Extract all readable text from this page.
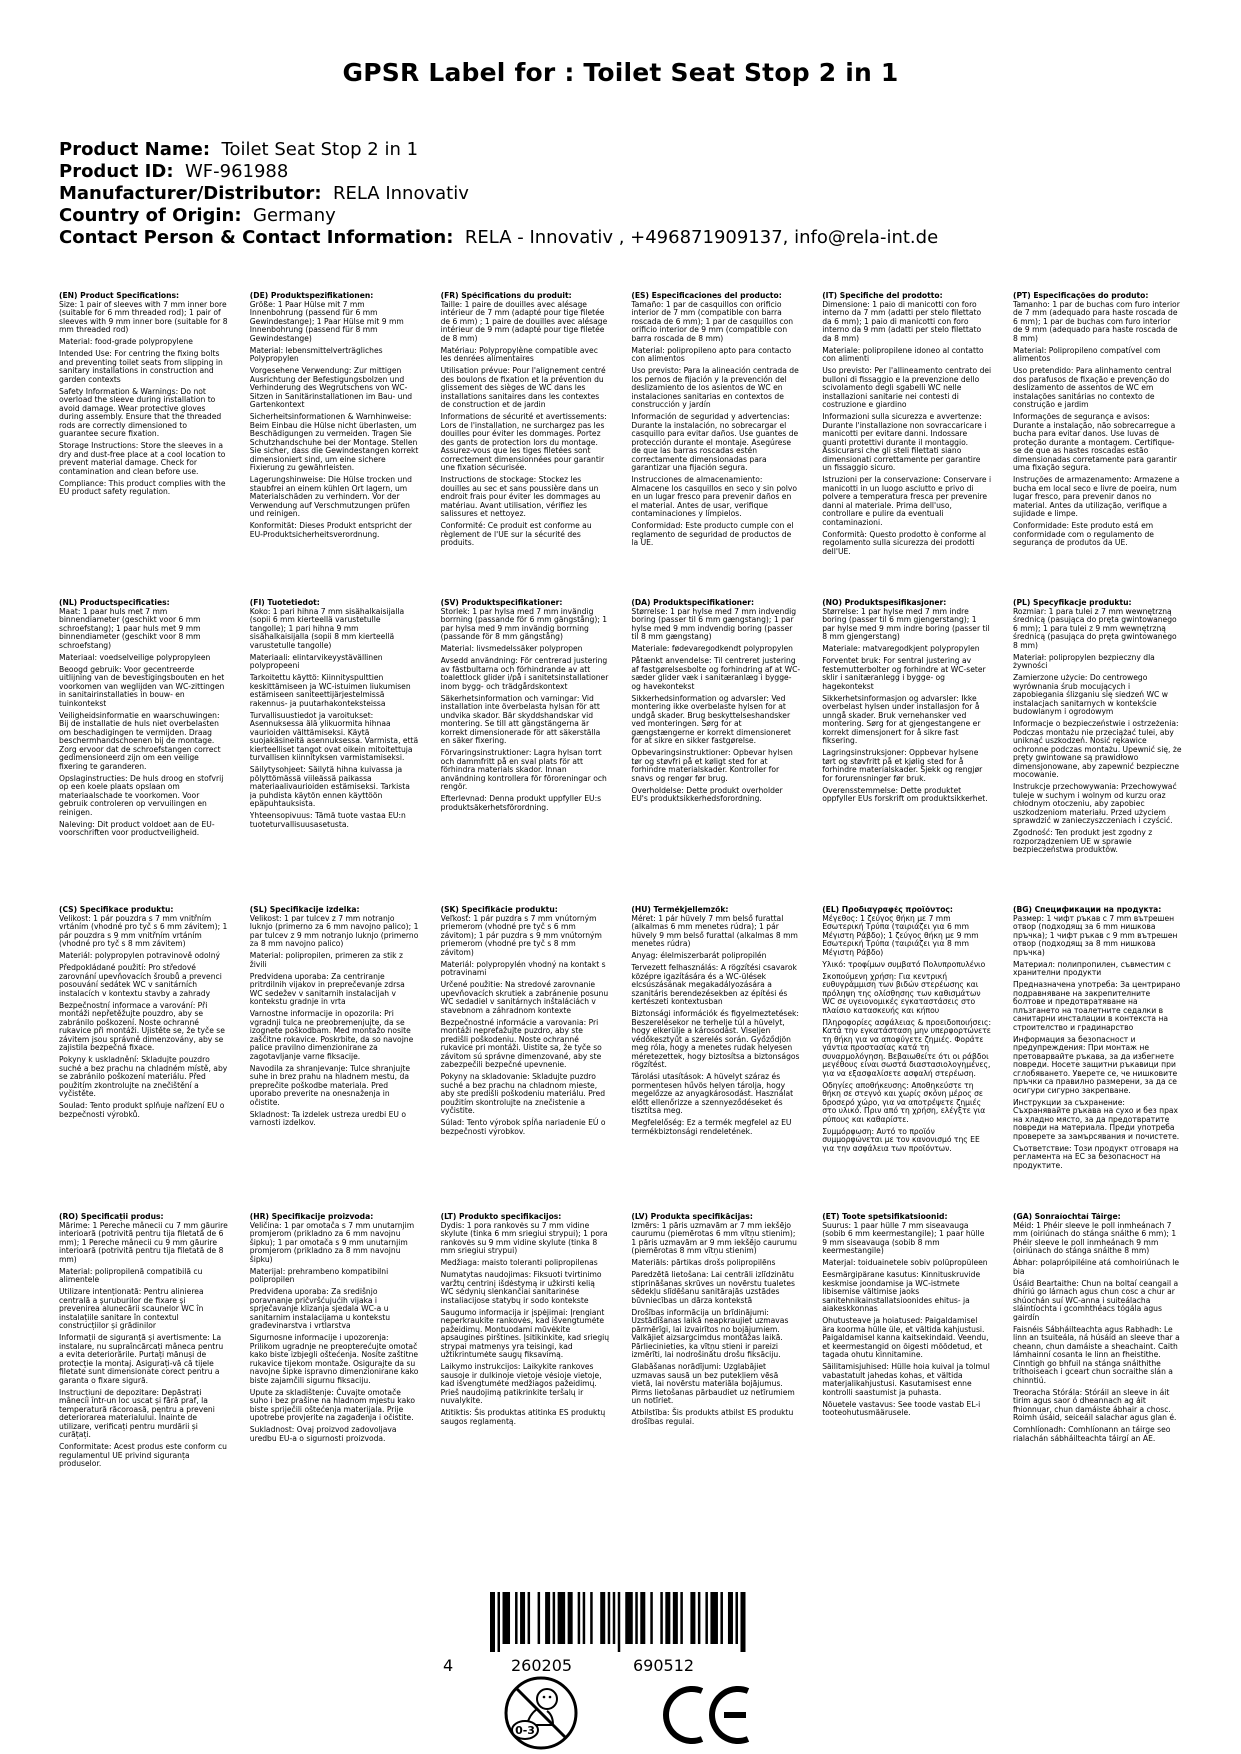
GPSR Label for : Toilet Seat Stop 2 in 1
Product Name: Toilet Seat Stop 2 in 1
Product ID: WF-961988
Manufacturer/Distributor: RELA Innovativ
Country of Origin: Germany
Contact Person & Contact Information: RELA - Innovativ , +496871909137, info@rela-int.de
(EN) Product Specifications:

Size: 1 pair of sleeves with 7 mm inner bore (suitable for 6 mm threaded rod); 1 pair of sleeves with 9 mm inner bore (suitable for 8 mm threaded rod)

Material: food-grade polypropylene

Intended Use: For centring the fixing bolts and preventing toilet seats from slipping in sanitary installations in construction and garden contexts

Safety Information & Warnings: Do not overload the sleeve during installation to avoid damage. Wear protective gloves during assembly. Ensure that the threaded rods are correctly dimensioned to guarantee secure fixation.

Storage Instructions: Store the sleeves in a dry and dust-free place at a cool location to prevent material damage. Check for contamination and clean before use.

Compliance: This product complies with the EU product safety regulation.

(DE) Produktspezifikationen:

Größe: 1 Paar Hülse mit 7 mm Innenbohrung (passend für 6 mm Gewindestange); 1 Paar Hülse mit 9 mm Innenbohrung (passend für 8 mm Gewindestange)

Material: lebensmittelverträgliches Polypropylen

Vorgesehene Verwendung: Zur mittigen Ausrichtung der Befestigungsbolzen und Verhinderung des Wegrutschens von WC-Sitzen in Sanitärinstallationen im Bau- und Gartenkontext

Sicherheitsinformationen & Warnhinweise: Beim Einbau die Hülse nicht überlasten, um Beschädigungen zu vermeiden. Tragen Sie Schutzhandschuhe bei der Montage. Stellen Sie sicher, dass die Gewindestangen korrekt dimensioniert sind, um eine sichere Fixierung zu gewährleisten.

Lagerungshinweise: Die Hülse trocken und staubfrei an einem kühlen Ort lagern, um Materialschäden zu verhindern. Vor der Verwendung auf Verschmutzungen prüfen und reinigen.

Konformität: Dieses Produkt entspricht der EU-Produktsicherheitsverordnung.

(FR) Spécifications du produit:

Taille: 1 paire de douilles avec alésage intérieur de 7 mm (adapté pour tige filetée de 6 mm) ; 1 paire de douilles avec alésage intérieur de 9 mm (adapté pour tige filetée de 8 mm)

Matériau: Polypropylène compatible avec les denrées alimentaires

Utilisation prévue: Pour l'alignement centré des boulons de fixation et la prévention du glissement des sièges de WC dans les installations sanitaires dans les contextes de construction et de jardin

Informations de sécurité et avertissements: Lors de l'installation, ne surchargez pas les douilles pour éviter les dommages. Portez des gants de protection lors du montage. Assurez-vous que les tiges filetées sont correctement dimensionnées pour garantir une fixation sécurisée.

Instructions de stockage: Stockez les douilles au sec et sans poussière dans un endroit frais pour éviter les dommages au matériau. Avant utilisation, vérifiez les salissures et nettoyez.

Conformité: Ce produit est conforme au règlement de l'UE sur la sécurité des produits.

(ES) Especificaciones del producto:

Tamaño: 1 par de casquillos con orificio interior de 7 mm (compatible con barra roscada de 6 mm); 1 par de casquillos con orificio interior de 9 mm (compatible con barra roscada de 8 mm)

Material: polipropileno apto para contacto con alimentos

Uso previsto: Para la alineación centrada de los pernos de fijación y la prevención del deslizamiento de los asientos de WC en instalaciones sanitarias en contextos de construcción y jardín

Información de seguridad y advertencias: Durante la instalación, no sobrecargar el casquillo para evitar daños. Use guantes de protección durante el montaje. Asegúrese de que las barras roscadas estén correctamente dimensionadas para garantizar una fijación segura.

Instrucciones de almacenamiento: Almacene los casquillos en seco y sin polvo en un lugar fresco para prevenir daños en el material. Antes de usar, verifique contaminaciones y límpielos.

Conformidad: Este producto cumple con el reglamento de seguridad de productos de la UE.

(IT) Specifiche del prodotto:

Dimensione: 1 paio di manicotti con foro interno da 7 mm (adatti per stelo filettato da 6 mm); 1 paio di manicotti con foro interno da 9 mm (adatti per stelo filettato da 8 mm)

Materiale: polipropilene idoneo al contatto con alimenti

Uso previsto: Per l'allineamento centrato dei bulloni di fissaggio e la prevenzione dello scivolamento degli sgabelli WC nelle installazioni sanitarie nei contesti di costruzione e giardino

Informazioni sulla sicurezza e avvertenze: Durante l'installazione non sovraccaricare i manicotti per evitare danni. Indossare guanti protettivi durante il montaggio. Assicurarsi che gli steli filettati siano dimensionati correttamente per garantire un fissaggio sicuro.

Istruzioni per la conservazione: Conservare i manicotti in un luogo asciutto e privo di polvere a temperatura fresca per prevenire danni al materiale. Prima dell'uso, controllare e pulire da eventuali contaminazioni.

Conformità: Questo prodotto è conforme al regolamento sulla sicurezza dei prodotti dell'UE.

(PT) Especificações do produto:

Tamanho: 1 par de buchas com furo interior de 7 mm (adequado para haste roscada de 6 mm); 1 par de buchas com furo interior de 9 mm (adequado para haste roscada de 8 mm)

Material: Polipropileno compatível com alimentos

Uso pretendido: Para alinhamento central dos parafusos de fixação e prevenção do deslizamento de assentos de WC em instalações sanitárias no contexto de construção e jardim

Informações de segurança e avisos: Durante a instalação, não sobrecarregue a bucha para evitar danos. Use luvas de proteção durante a montagem. Certifique-se de que as hastes roscadas estão dimensionadas corretamente para garantir uma fixação segura.

Instruções de armazenamento: Armazene a bucha em local seco e livre de poeira, num lugar fresco, para prevenir danos no material. Antes da utilização, verifique a sujidade e limpe.

Conformidade: Este produto está em conformidade com o regulamento de segurança de produtos da UE.

(NL) Productspecificaties:

Maat: 1 paar huls met 7 mm binnendiameter (geschikt voor 6 mm schroefstang); 1 paar huls met 9 mm binnendiameter (geschikt voor 8 mm schroefstang)

Materiaal: voedselveilige polypropyleen

Beoogd gebruik: Voor gecentreerde uitlijning van de bevestigingsbouten en het voorkomen van weglijden van WC-zittingen in sanitairinstallaties in bouw- en tuinkontekst

Veiligheidsinformatie en waarschuwingen: Bij de installatie de huls niet overbelasten om beschadigingen te vermijden. Draag beschermhandschoenen bij de montage. Zorg ervoor dat de schroefstangen correct gedimensioneerd zijn om een veilige fixering te garanderen.

Opslaginstructies: De huls droog en stofvrij op een koele plaats opslaan om materiaalschade te voorkomen. Voor gebruik controleren op vervuilingen en reinigen.

Naleving: Dit product voldoet aan de EU-voorschriften voor productveiligheid.

(FI) Tuotetiedot:

Koko: 1 pari hihna 7 mm sisähalkaisijalla (sopii 6 mm kierteellä varustetulle tangolle); 1 pari hihna 9 mm sisähalkaisijalla (sopii 8 mm kierteellä varustetulle tangolle)

Materiaali: elintarvikeyystävällinen polypropeeni

Tarkoitettu käyttö: Kiinnityspulttien keskittämiseen ja WC-istuimen liukumisen estämiseen saniteettijärjestelmissä rakennus- ja puutarhakonteksteissa

Turvallisuustiedot ja varoitukset: Asennuksessa älä ylikuormita hihnaa vaurioiden välttämiseksi. Käytä suojakäsineitä asennuksessa. Varmista, että kierteelliset tangot ovat oikein mitoitettuja turvallisen kiinnityksen varmistamiseksi.

Säilytysohjeet: Säilytä hihna kuivassa ja pölyttömässä viileässä paikassa materiaalivaurioiden estämiseksi. Tarkista ja puhdista käytön ennen käyttöön epäpuhtauksista.

Yhteensopivuus: Tämä tuote vastaa EU:n tuoteturvallisuusasetusta.

(SV) Produktspecifikationer:

Storlek: 1 par hylsa med 7 mm invändig borrning (passande för 6 mm gängstång); 1 par hylsa med 9 mm invändig borrning (passande för 8 mm gängstång)

Material: livsmedelssäker polypropen

Avsedd användning: För centrerad justering av fästbultarna och förhindrande av att toalettlock glider i/på i sanitetsinstallationer inom bygg- och trädgårdskontext

Säkerhetsinformation och varningar: Vid installation inte överbelasta hylsan för att undvika skador. Bär skyddshandskar vid montering. Se till att gängstängerna är korrekt dimensionerade för att säkerställa en säker fixering.

Förvaringsinstruktioner: Lagra hylsan torrt och dammfritt på en sval plats för att förhindra materials skador. Innan användning kontrollera för föroreningar och rengör.

Efterlevnad: Denna produkt uppfyller EU:s produktsäkerhetsförordning.

(DA) Produktspecifikationer:

Størrelse: 1 par hylse med 7 mm indvendig boring (passer til 6 mm gængstang); 1 par hylse med 9 mm indvendig boring (passer til 8 mm gængstang)

Materiale: fødevaregodkendt polypropylen

Påtænkt anvendelse: Til centreret justering af fastgørelsesbolte og forhindring af at WC-sæder glider væk i sanitæranlæg i bygge- og havekontekst

Sikkerhedsinformation og advarsler: Ved montering ikke overbelaste hylsen for at undgå skader. Brug beskyttelseshandsker ved monteringen. Sørg for at gængstængerne er korrekt dimensioneret for at sikre en sikker fastgørelse.

Opbevaringsinstruktioner: Opbevar hylsen tør og støvfri på et køligt sted for at forhindre materialskader. Kontroller for snavs og rengør før brug.

Overholdelse: Dette produkt overholder EU's produktsikkerhedsforordning.

(NO) Produktspesifikasjoner:

Størrelse: 1 par hylse med 7 mm indre boring (passer til 6 mm gjengerstang); 1 par hylse med 9 mm indre boring (passer til 8 mm gjengerstang)

Materiale: matvaregodkjent polypropylen

Forventet bruk: For sentral justering av festemutterbolter og forhindre at WC-seter sklir i sanitæranlegg i bygge- og hagekontekst

Sikkerhetsinformasjon og advarsler: Ikke overbelast hylsen under installasjon for å unngå skader. Bruk vernehansker ved montering. Sørg for at gjengestangene er korrekt dimensjonert for å sikre fast fiksering.

Lagringsinstruksjoner: Oppbevar hylsene tørt og støvfritt på et kjølig sted for å forhindre materialskader. Sjekk og rengjør for forurensninger før bruk.

Overensstemmelse: Dette produktet oppfyller EUs forskrift om produktsikkerhet.

(PL) Specyfikacje produktu:

Rozmiar: 1 para tulei z 7 mm wewnętrzną średnicą (pasująca do pręta gwintowanego 6 mm); 1 para tulei z 9 mm wewnętrzną średnicą (pasująca do pręta gwintowanego 8 mm)

Materiał: polipropylen bezpieczny dla żywności

Zamierzone użycie: Do centrowego wyrównania śrub mocujących i zapobiegania ślizganiu się siedzeń WC w instalacjach sanitarnych w kontekście budowlanym i ogrodowym

Informacje o bezpieczeństwie i ostrzeżenia: Podczas montażu nie przeciążać tulei, aby uniknąć uszkodzeń. Nosić rękawice ochronne podczas montażu. Upewnić się, że pręty gwintowane są prawidłowo dimensjonowane, aby zapewnić bezpieczne mocowanie.

Instrukcje przechowywania: Przechowywać tuleje w suchym i wolnym od kurzu oraz chłodnym otoczeniu, aby zapobiec uszkodzeniom materiału. Przed użyciem sprawdzić w zanieczyszczeniach i czyścić.

Zgodność: Ten produkt jest zgodny z rozporządzeniem UE w sprawie bezpieczeństwa produktów.

(CS) Specifikace produktu:

Velikost: 1 pár pouzdra s 7 mm vnitřním vrtáním (vhodné pro tyč s 6 mm závitem); 1 pár pouzdra s 9 mm vnitřním vrtáním (vhodné pro tyč s 8 mm závitem)

Materiál: polypropylen potravinově odolný

Předpokládané použití: Pro středové zarovnání upevňovacích šroubů a prevenci posouvání sedátek WC v sanitárních instalacích v kontextu stavby a zahrady

Bezpečnostní informace a varování: Při montáži nepřetěžujte pouzdro, aby se zabránilo poškození. Noste ochranné rukavice při montáži. Ujistěte se, že tyče se závitem jsou správně dimenzovány, aby se zajistila bezpečná fixace.

Pokyny k uskladnění: Skladujte pouzdro suché a bez prachu na chladném místě, aby se zabránilo poškození materiálu. Před použitím zkontrolujte na znečištění a vyčistěte.

Soulad: Tento produkt splňuje nařízení EU o bezpečnosti výrobků.

(SL) Specifikacije izdelka:

Velikost: 1 par tulcev z 7 mm notranjo luknjo (primerno za 6 mm navojno palico); 1 par tulcev z 9 mm notranjo luknjo (primerno za 8 mm navojno palico)

Material: polipropilen, primeren za stik z živili

Predvidena uporaba: Za centriranje pritrdilnih vijakov in preprečevanje zdrsa WC sedežev v sanitarnih instalacijah v kontekstu gradnje in vrta

Varnostne informacije in opozorila: Pri vgradnji tulca ne preobremenjujte, da se izognete poškodbam. Med montažo nosite zaščitne rokavice. Poskrbite, da so navojne palice pravilno dimenzionirane za zagotavljanje varne fiksacije.

Navodila za shranjevanje: Tulce shranjujte suhe in brez prahu na hladnem mestu, da preprečite poškodbe materiala. Pred uporabo preverite na onesnaženja in očistite.

Skladnost: Ta izdelek ustreza uredbi EU o varnosti izdelkov.

(SK) Špecifikácie produktu:

Veľkosť: 1 pár puzdra s 7 mm vnútorným priemerom (vhodné pre tyč s 6 mm závitom); 1 pár puzdra s 9 mm vnútorným priemerom (vhodné pre tyč s 8 mm závitom)

Materiál: polypropylén vhodný na kontakt s potravinami

Určené použitie: Na stredové zarovnanie upevňovacích skrutiek a zabránenie posunu WC sedadiel v sanitárnych inštaláciách v stavebnom a záhradnom kontexte

Bezpečnostné informácie a varovania: Pri montáži nepreťažujte puzdro, aby ste predišli poškodeniu. Noste ochranné rukavice pri montáži. Uistite sa, že tyče so závitom sú správne dimenzované, aby ste zabezpečili bezpečné upevnenie.

Pokyny na skladovanie: Skladujte puzdro suché a bez prachu na chladnom mieste, aby ste predišli poškodeniu materiálu. Pred použitím skontrolujte na znečistenie a vyčistite.

Súlad: Tento výrobok spĺňa nariadenie EÚ o bezpečnosti výrobkov.

(HU) Termékjellemzők:

Méret: 1 pár hüvely 7 mm belső furattal (alkalmas 6 mm menetes rúdra); 1 pár hüvely 9 mm belső furattal (alkalmas 8 mm menetes rúdra)

Anyag: élelmiszerbarát polipropilén

Tervezett felhasználás: A rögzítési csavarok középre igazítására és a WC-ülések elcsúszásának megakadályozására a szanitáris berendezésekben az építési és kertészeti kontextusban

Biztonsági információk és figyelmeztetések: Beszerelésekor ne terhelje túl a hüvelyt, hogy elkerülje a károsodást. Viseljen védőkesztyűt a szerelés során. Győződjön meg róla, hogy a menetes rudak helyesen méretezettek, hogy biztosítsa a biztonságos rögzítést.

Tárolási utasítások: A hüvelyt száraz és pormentesen hűvös helyen tárolja, hogy megelőzze az anyagkárosodást. Használat előtt ellenőrizze a szennyeződéseket és tisztítsa meg.

Megfelelőség: Ez a termék megfelel az EU termékbiztonsági rendeletének.

(EL) Προδιαγραφές προϊόντος:

Μέγεθος: 1 ζεύγος θήκη με 7 mm Εσωτερική Τρύπα (ταιριάζει για 6 mm Μέγιστη Ράβδο); 1 ζεύγος θήκη με 9 mm Εσωτερική Τρύπα (ταιριάζει για 8 mm Μέγιστη Ράβδο)

Υλικό: τροφίμων συμβατό Πολυπροπυλένιο

Σκοπούμενη χρήση: Για κεντρική ευθυγράμμιση των βιδών στερέωσης και πρόληψη της ολίσθησης των καθισμάτων WC σε υγειονομικές εγκαταστάσεις στο πλαίσιο κατασκευής και κήπου

Πληροφορίες ασφάλειας & προειδοποιήσεις: Κατά την εγκατάσταση μην υπερφορτώνετε τη θήκη για να αποφύγετε ζημιές. Φοράτε γάντια προστασίας κατά τη συναρμολόγηση. Βεβαιωθείτε ότι οι ράβδοι μεγέθους είναι σωστά διαστασιολογημένες, για να εξασφαλίσετε ασφαλή στερέωση.

Οδηγίες αποθήκευσης: Αποθηκεύστε τη θήκη σε στεγνό και χωρίς σκόνη μέρος σε δροσερό χώρο, για να αποτρέψετε ζημιές στο υλικό. Πριν από τη χρήση, ελέγξτε για ρύπους και καθαρίστε.

Συμμόρφωση: Αυτό το προϊόν συμμορφώνεται με τον κανονισμό της ΕΕ για την ασφάλεια των προϊόντων.

(BG) Спецификации на продукта:

Размер: 1 чифт ръкав с 7 mm вътрешен отвор (подходящ за 6 mm нишкова пръчка); 1 чифт ръкав с 9 mm вътрешен отвор (подходящ за 8 mm нишкова пръчка)

Материал: полипропилен, съвместим с хранителни продукти

Предназначена употреба: За центрирано подравняване на закрепителните болтове и предотвратяване на плъзгането на тоалетните седалки в санитарни инсталации в контекста на строителство и градинарство

Информация за безопасност и предупреждения: При монтаж не претоварвайте ръкава, за да избегнете повреди. Носете защитни ръкавици при сглобяването. Уверете се, че нишковите пръчки са правилно размерени, за да се осигури сигурно закрепване.

Инструкции за съхранение: Съхранявайте ръкава на сухо и без прах на хладно място, за да предотвратите повреди на материала. Преди употреба проверете за замърсявания и почистете.

Съответствие: Този продукт отговаря на регламента на ЕС за безопасност на продуктите.

(RO) Specificații produs:

Mărime: 1 Pereche mânecii cu 7 mm găurire interioară (potrivită pentru tija filetată de 6 mm); 1 Pereche mânecii cu 9 mm găurire interioară (potrivită pentru tija filetată de 8 mm)

Material: polipropilenă compatibilă cu alimentele

Utilizare intenționată: Pentru alinierea centrală a șuruburilor de fixare și prevenirea alunecării scaunelor WC în instalațiile sanitare în contextul construcțiilor și grădinilor

Informații de siguranță și avertismente: La instalare, nu supraîncărcați mâneca pentru a evita deteriorările. Purtați mănuși de protecție la montaj. Asigurați-vă că tijele filetate sunt dimensionate corect pentru a garanta o fixare sigură.

Instrucțiuni de depozitare: Depăstrați mânecii într-un loc uscat și fără praf, la temperatură răcoroasă, pentru a preveni deteriorarea materialului. Înainte de utilizare, verificați pentru murdării și curățați.

Conformitate: Acest produs este conform cu regulamentul UE privind siguranța produselor.

(HR) Specifikacije proizvoda:

Veličina: 1 par omotača s 7 mm unutarnjim promjerom (prikladno za 6 mm navojnu šipku); 1 par omotača s 9 mm unutarnjim promjerom (prikladno za 8 mm navojnu šipku)

Materijal: prehrambeno kompatibilni polipropilen

Predviđena uporaba: Za središnjo poravnanje pričvršćujućih vijaka i sprječavanje klizanja sjedala WC-a u sanitarnim instalacijama u kontekstu građevinarstva i vrtlarstva

Sigurnosne informacije i upozorenja: Prilikom ugradnje ne preopterećujte omotač kako biste izbjegli oštećenja. Nosite zaštitne rukavice tijekom montaže. Osigurajte da su navojne šipke ispravno dimenzionirane kako biste zajamčili sigurnu fiksaciju.

Upute za skladištenje: Čuvajte omotače suho i bez prašine na hladnom mjestu kako biste spriječili oštećenja materijala. Prije upotrebe provjerite na zagađenja i očistite.

Sukladnost: Ovaj proizvod zadovoljava uredbu EU-a o sigurnosti proizvoda.

(LT) Produkto specifikacijos:

Dydis: 1 pora rankovės su 7 mm vidine skylute (tinka 6 mm sriegiui strypui); 1 pora rankovės su 9 mm vidine skylute (tinka 8 mm sriegiui strypui)

Medžiaga: maisto toleranti polipropilenas

Numatytas naudojimas: Fiksuoti tvirtinimo varžtų centrinį išdėstymą ir užkirsti kelią WC sėdynių slenkančiai sanitarinėse instaliacijose statybų ir sodo kontekste

Saugumo informacija ir įspėjimai: Įrengiant neperkraukite rankovės, kad išvengtumėte pažeidimų. Montuodami mūvėkite apsaugines pirštines. Įsitikinkite, kad sriegių strypai matmenys yra teisingi, kad užtikrintumėte saugų fiksavimą.

Laikymo instrukcijos: Laikykite rankoves sausoje ir dulkinoje vietoje vėsioje vietoje, kad išvengtumėte medžiagos pažeidimų. Prieš naudojimą patikrinkite teršalų ir nuvalykite.

Atitiktis: Šis produktas atitinka ES produktų saugos reglamentą.

(LV) Produkta specifikācijas:

Izmērs: 1 pāris uzmavām ar 7 mm iekšējo caurumu (piemērotas 6 mm vītņu stienim); 1 pāris uzmavām ar 9 mm iekšējo caurumu (piemērotas 8 mm vītņu stienim)

Materiāls: pārtikas drošs polipropilēns

Paredzētā lietošana: Lai centrāli izlīdzinātu stiprināšanas skrūves un novērstu tualetes sēdekļu slīdēšanu sanitārajās uzstādes būvniecības un dārza kontekstā

Drošības informācija un brīdinājumi: Uzstādīšanas laikā neapkraujiet uzmavas pārmērīgi, lai izvairītos no bojājumiem. Valkājiet aizsargcimdus montāžas laikā. Pārliecinieties, ka vītņu stieni ir pareizi izmērīti, lai nodrošinātu drošu fiksāciju.

Glabāšanas norādījumi: Uzglabājiet uzmavas sausā un bez putekļiem vēsā vietā, lai novērstu materiāla bojājumus. Pirms lietošanas pārbaudiet uz netīrumiem un notīriet.

Atbilstība: Šis produkts atbilst ES produktu drošības regulai.

(ET) Toote spetsifikatsioonid:

Suurus: 1 paar hülle 7 mm siseavauga (sobib 6 mm keermestangile); 1 paar hülle 9 mm siseavauga (sobib 8 mm keermestangile)

Materjal: toiduainetele sobiv polüpropüleen

Eesmärgipärane kasutus: Kinnituskruvide keskmise joondamise ja WC-istmete libisemise vältimise jaoks sanitehnikainstallatsioonides ehitus- ja aiakeskkonnas

Ohutusteave ja hoiatused: Paigaldamisel ära koorma hülle üle, et vältida kahjustusi. Paigaldamisel kanna kaitsekindaid. Veendu, et keermestangid on õigesti mõõdetud, et tagada ohutu kinnitamine.

Säilitamisjuhised: Hülle hoia kuival ja tolmul vabastatult jahedas kohas, et vältida materjalikahjustusi. Kasutamisest enne kontrolli saastumist ja puhasta.

Nõuetele vastavus: See toode vastab EL-i tooteohutusmäärusele.

(GA) Sonraíochtaí Táirge:

Méid: 1 Phéir sleeve le poll inmheánach 7 mm (oiriúnach do stánga snáithe 6 mm); 1 Phéir sleeve le poll inmheánach 9 mm (oiriúnach do stánga snáithe 8 mm)

Ábhar: polapróipiléine atá comhoiriúnach le bia

Úsáid Beartaithe: Chun na boltaí ceangail a dhíriú go lárnach agus chun cosc a chur ar shúochán suí WC-anna i suiteálacha sláintíochta i gcomhthéacs tógála agus gairdín

Faisnéis Sábháilteachta agus Rabhadh: Le linn an tsuiteála, ná húsáid an sleeve thar a cheann, chun damáiste a sheachaint. Caith lámhainní cosanta le linn an fheistithe. Cinntigh go bhfuil na stánga snáithithe tríthoiseach i gceart chun socraithe slán a chinntiú.

Treoracha Stórála: Stóráil an sleeve in áit tirim agus saor ó dheannach ag áit fhionnuar, chun damáiste ábhair a chosc. Roimh úsáid, seiceáil salachar agus glan é.

Comhlíonadh: Comhlíonann an táirge seo rialachán sábháilteachta táirgí an AE.

4	260205	690512
0-3
